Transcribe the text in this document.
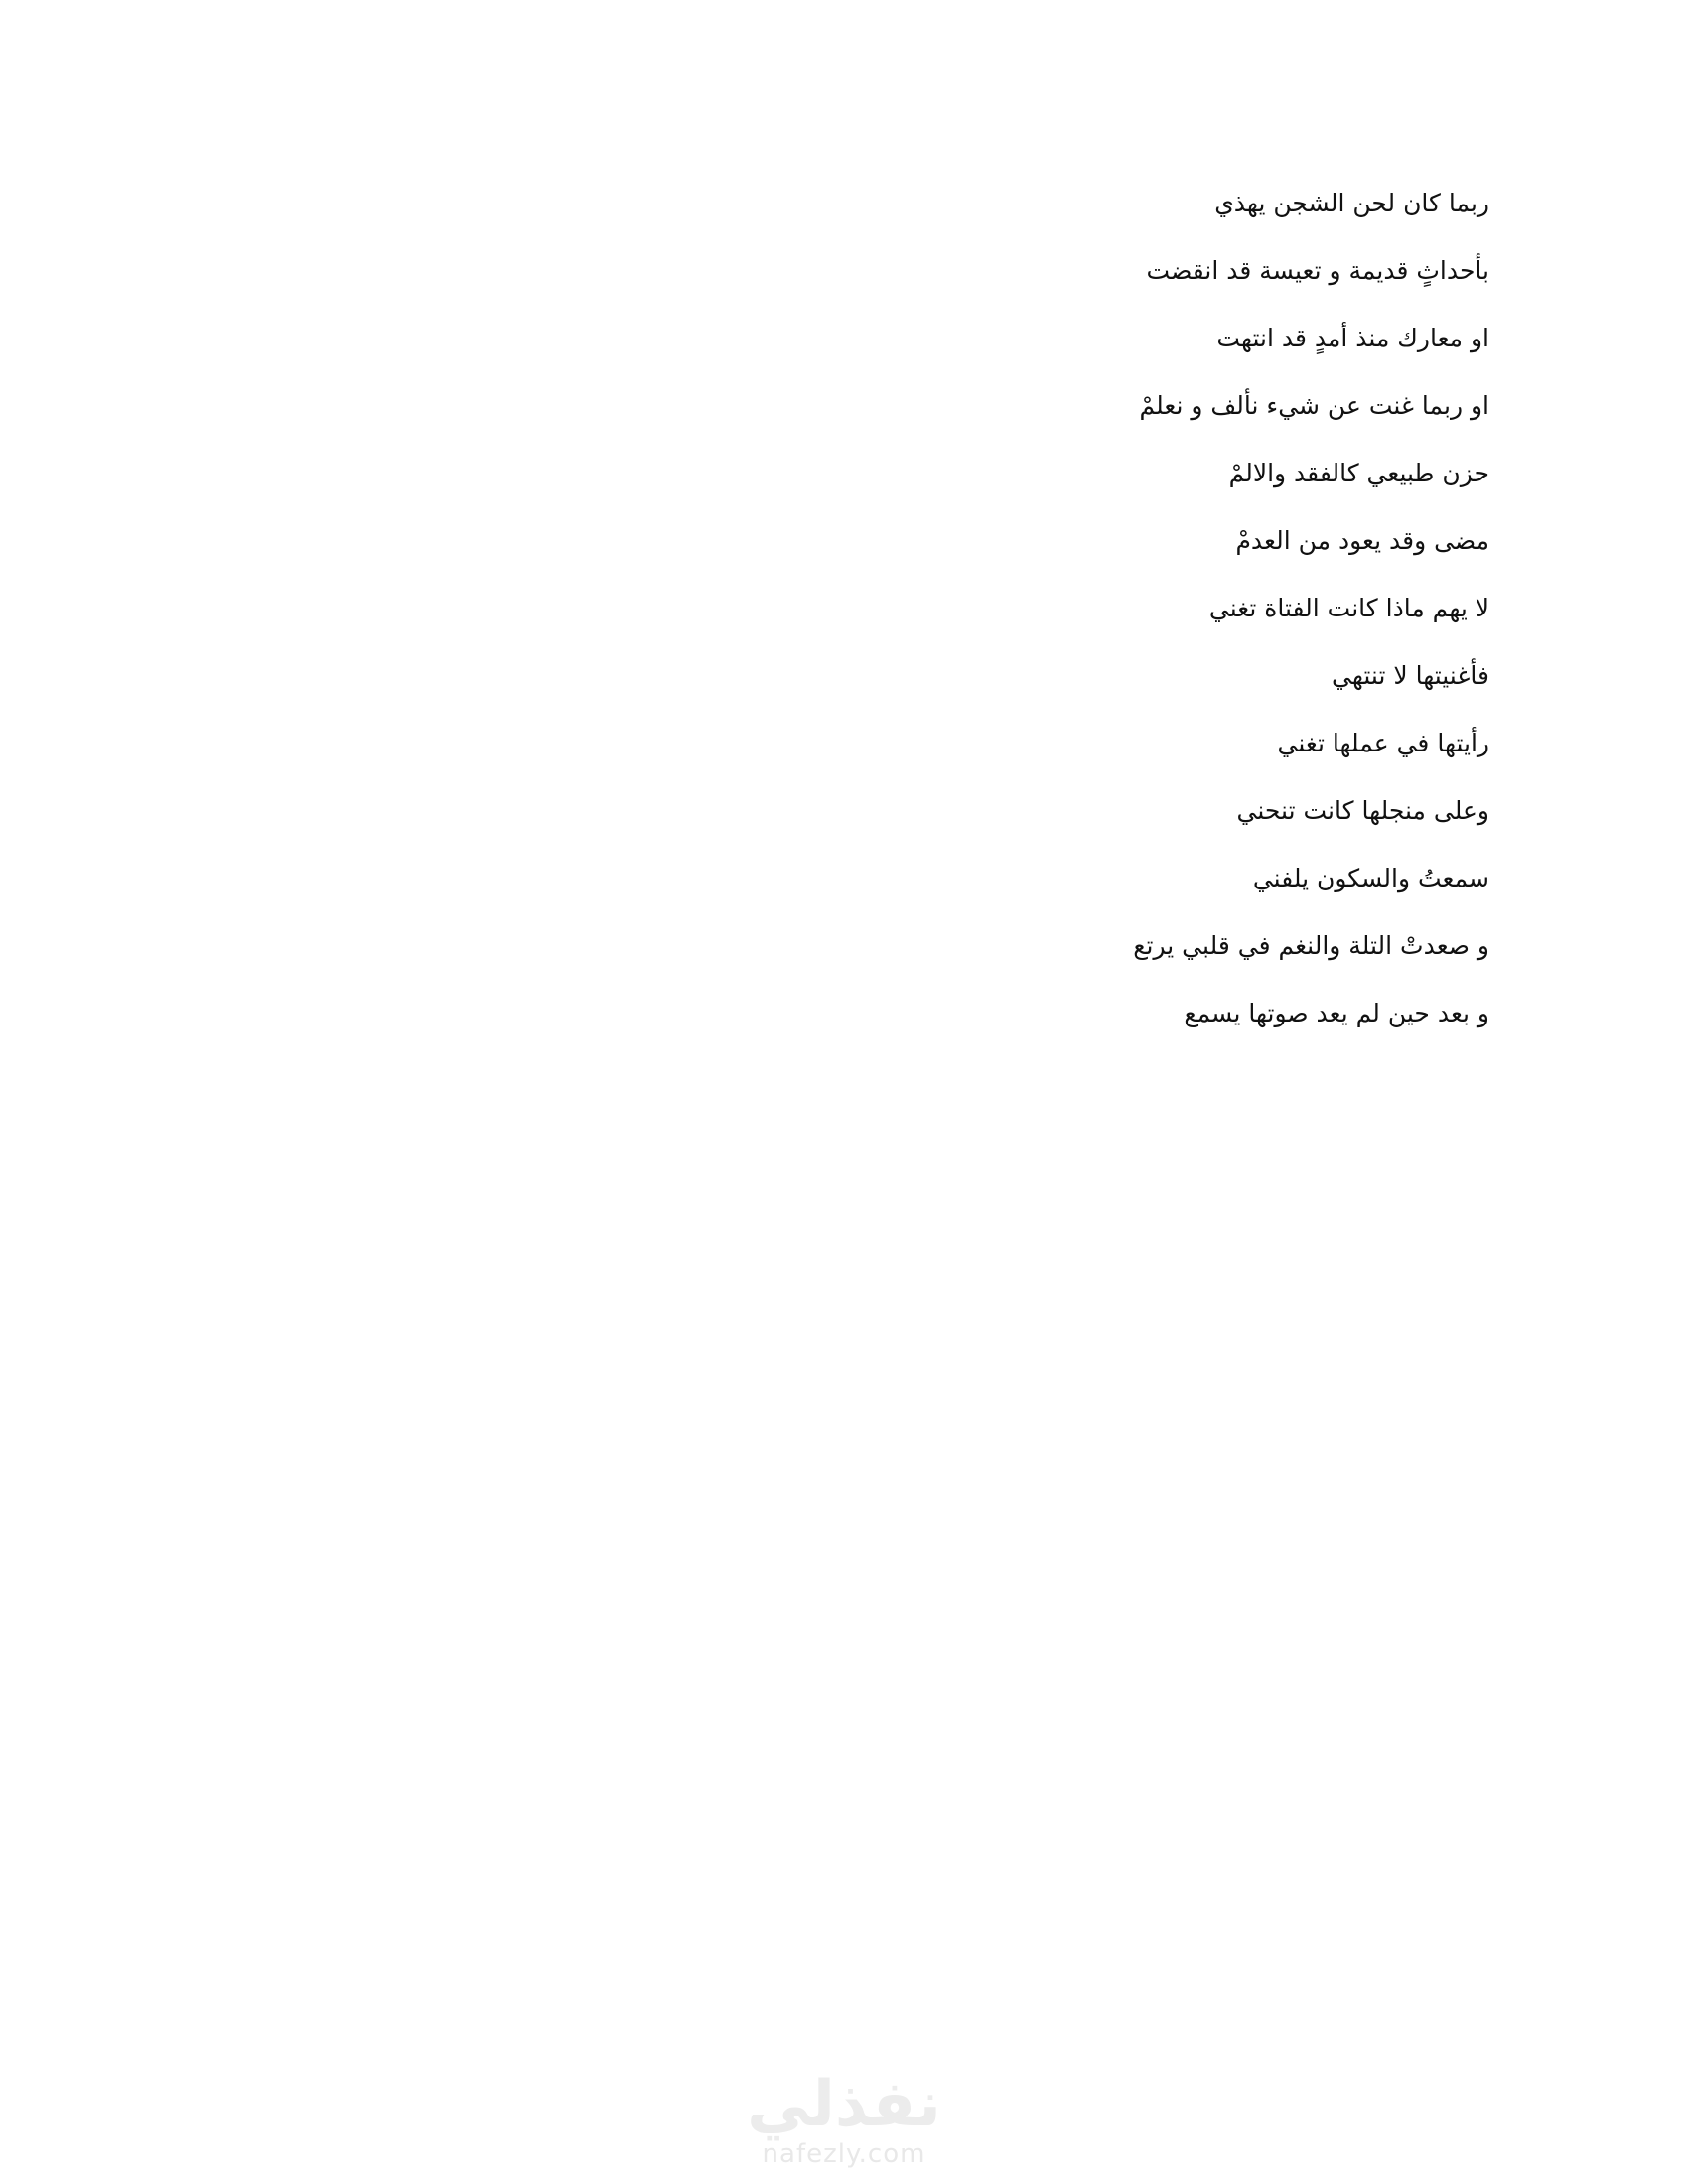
ربما كان لحن الشجن يهذي
بأحداثٍ قديمة و تعيسة قد انقضت
او معارك منذ أمدٍ قد انتهت
او ربما غنت عن شيء نألف و نعلمْ
حزن طبيعي كالفقد والالمْ
مضى وقد يعود من العدمْ
لا يهم ماذا كانت الفتاة تغني
فأغنيتها لا تنتهي
رأيتها في عملها تغني
وعلى منجلها كانت تنحني
سمعتُ والسكون يلفني
و صعدتْ التلة والنغم في قلبي يرتع
و بعد حين لم يعد صوتها يسمع
نفذلي
nafezly.com
